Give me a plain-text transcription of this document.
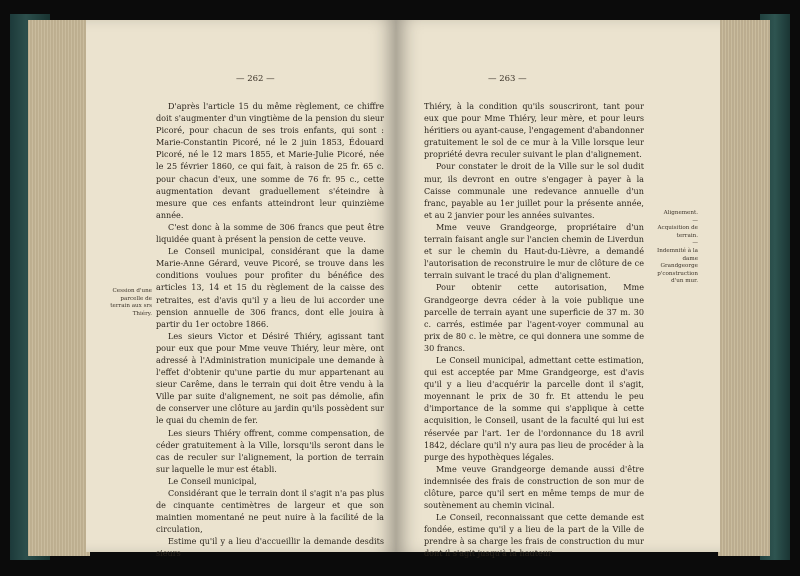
— 262 —
Cession d'une parcelle de terrain aux srs Thiéry.

D'après l'article 15 du même règlement, ce chiffre doit s'augmenter d'un vingtième de la pension du sieur Picoré, pour chacun de ses trois enfants, qui sont : Marie-Constantin Picoré, né le 2 juin 1853, Édouard Picoré, né le 12 mars 1855, et Marie-Julie Picoré, née le 25 février 1860, ce qui fait, à raison de 25 fr. 65 c. pour chacun d'eux, une somme de 76 fr. 95 c., cette augmentation devant graduellement s'éteindre à mesure que ces enfants atteindront leur quinzième année.

C'est donc à la somme de 306 francs que peut être liquidée quant à présent la pension de cette veuve.

Le Conseil municipal, considérant que la dame Marie-Anne Gérard, veuve Picoré, se trouve dans les conditions voulues pour profiter du bénéfice des articles 13, 14 et 15 du règlement de la caisse des retraites, est d'avis qu'il y a lieu de lui accorder une pension annuelle de 306 francs, dont elle jouira à partir du 1er octobre 1866.

Les sieurs Victor et Désiré Thiéry, agissant tant pour eux que pour Mme veuve Thiéry, leur mère, ont adressé à l'Administration municipale une demande à l'effet d'obtenir qu'une partie du mur appartenant au sieur Carême, dans le terrain qui doit être vendu à la Ville par suite d'alignement, ne soit pas démolie, afin de conserver une clôture au jardin qu'ils possèdent sur le quai du chemin de fer.

Les sieurs Thiéry offrent, comme compensation, de céder gratuitement à la Ville, lorsqu'ils seront dans le cas de reculer sur l'alignement, la portion de terrain sur laquelle le mur est établi.

Le Conseil municipal,

Considérant que le terrain dont il s'agit n'a pas plus de cinquante centimètres de largeur et que son maintien momentané ne peut nuire à la facilité de la circulation,

Estime qu'il y a lieu d'accueillir la demande desdits sieurs

— 263 —
Alignement.
—
Acquisition de terrain.
—
Indemnité à la dame Grandgeorge p'construction d'un mur.

Thiéry, à la condition qu'ils souscriront, tant pour eux que pour Mme Thiéry, leur mère, et pour leurs héritiers ou ayant-cause, l'engagement d'abandonner gratuitement le sol de ce mur à la Ville lorsque leur propriété devra reculer suivant le plan d'alignement.

Pour constater le droit de la Ville sur le sol dudit mur, ils devront en outre s'engager à payer à la Caisse communale une redevance annuelle d'un franc, payable au 1er juillet pour la présente année, et au 2 janvier pour les années suivantes.

Mme veuve Grandgeorge, propriétaire d'un terrain faisant angle sur l'ancien chemin de Liverdun et sur le chemin du Haut-du-Lièvre, a demandé l'autorisation de reconstruire le mur de clôture de ce terrain suivant le tracé du plan d'alignement.

Pour obtenir cette autorisation, Mme Grandgeorge devra céder à la voie publique une parcelle de terrain ayant une superficie de 37 m. 30 c. carrés, estimée par l'agent-voyer communal au prix de 80 c. le mètre, ce qui donnera une somme de 30 francs.

Le Conseil municipal, admettant cette estimation, qui est acceptée par Mme Grandgeorge, est d'avis qu'il y a lieu d'acquérir la parcelle dont il s'agit, moyennant le prix de 30 fr. Et attendu le peu d'importance de la somme qui s'applique à cette acquisition, le Conseil, usant de la faculté qui lui est réservée par l'art. 1er de l'ordonnance du 18 avril 1842, déclare qu'il n'y aura pas lieu de procéder à la purge des hypothèques légales.

Mme veuve Grandgeorge demande aussi d'être indemnisée des frais de construction de son mur de clôture, parce qu'il sert en même temps de mur de soutènement au chemin vicinal.

Le Conseil, reconnaissant que cette demande est fondée, estime qu'il y a lieu de la part de la Ville de prendre à sa charge les frais de construction du mur dont il s'agit jusqu'à la hauteur
